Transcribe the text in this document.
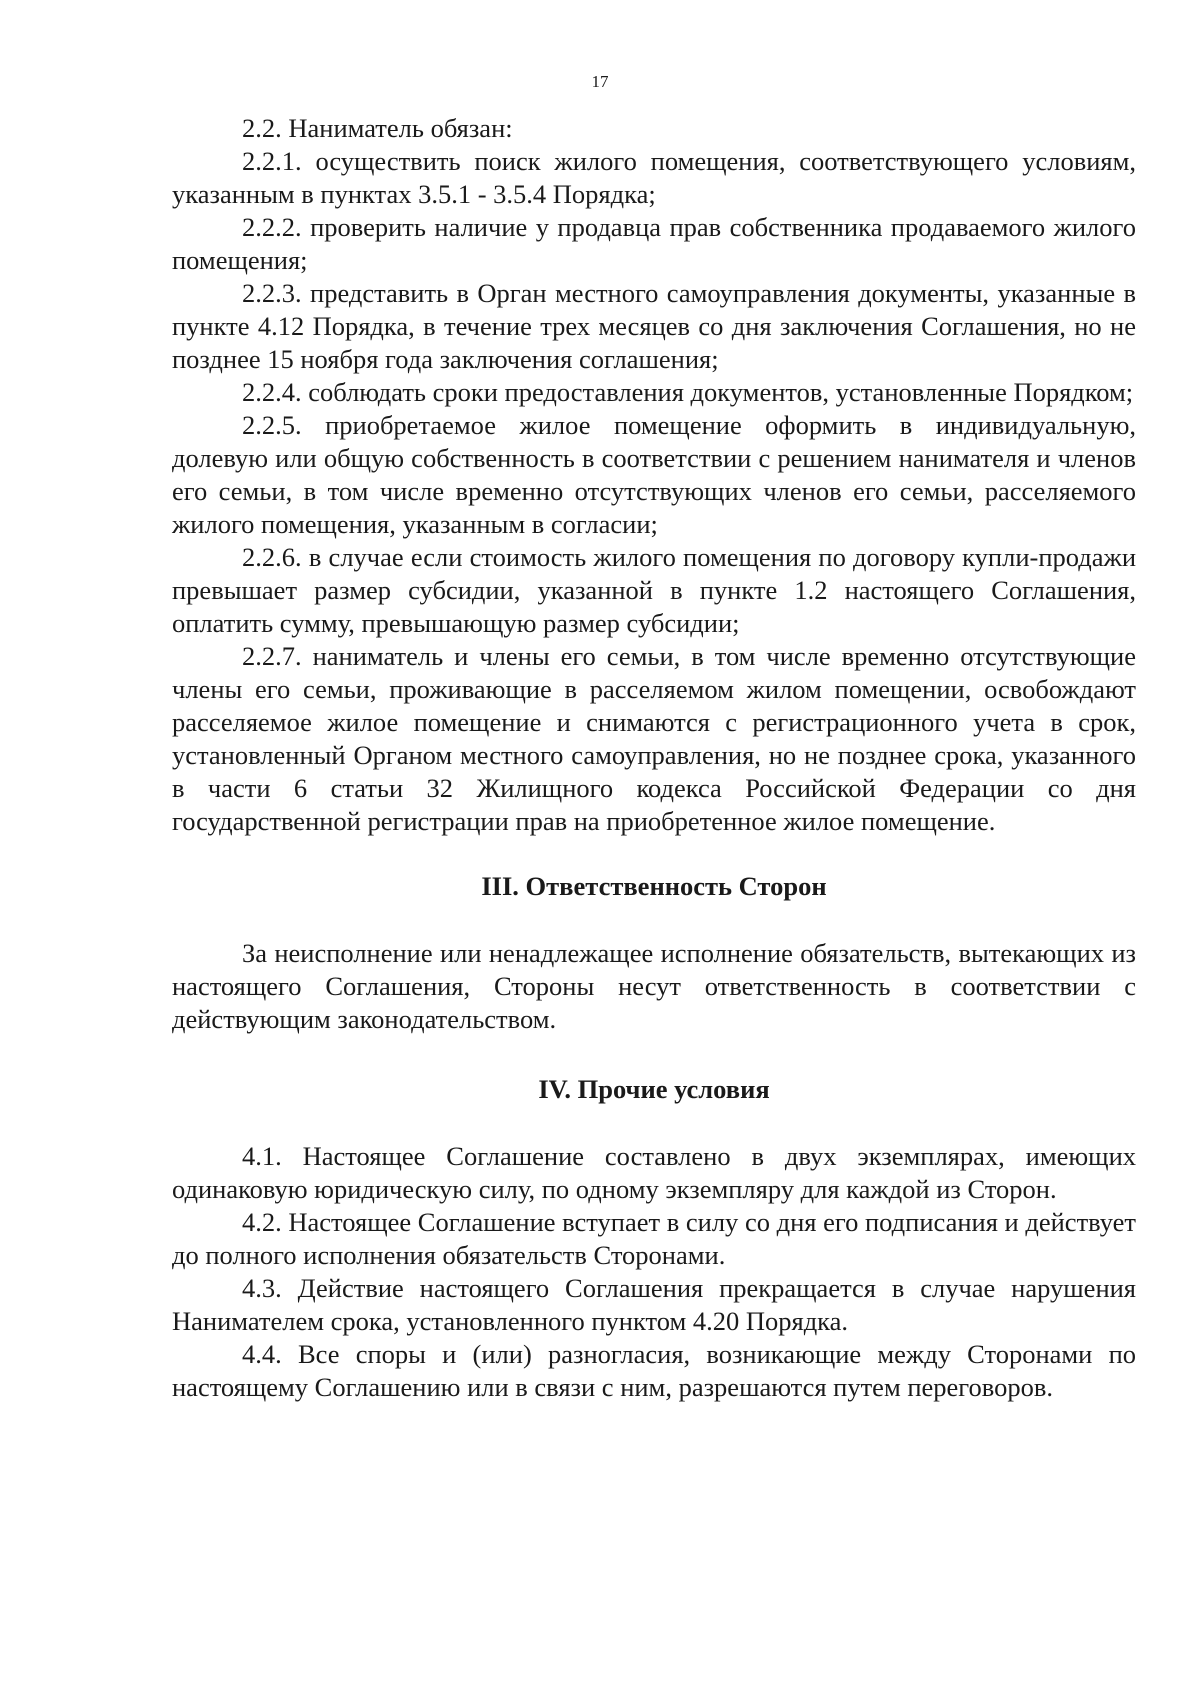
17

2.2. Наниматель обязан:

2.2.1. осуществить поиск жилого помещения, соответствующего условиям, указанным в пунктах 3.5.1 - 3.5.4 Порядка;

2.2.2. проверить наличие у продавца прав собственника продаваемого жилого помещения;

2.2.3. представить в Орган местного самоуправления документы, указанные в пункте 4.12 Порядка, в течение трех месяцев со дня заключения Соглашения, но не позднее 15 ноября года заключения соглашения;

2.2.4. соблюдать сроки предоставления документов, установленные Порядком;

2.2.5. приобретаемое жилое помещение оформить в индивидуальную, долевую или общую собственность в соответствии с решением нанимателя и членов его семьи, в том числе временно отсутствующих членов его семьи, расселяемого жилого помещения, указанным в согласии;

2.2.6. в случае если стоимость жилого помещения по договору купли-продажи превышает размер субсидии, указанной в пункте 1.2 настоящего Соглашения, оплатить сумму, превышающую размер субсидии;

2.2.7. наниматель и члены его семьи, в том числе временно отсутствующие члены его семьи, проживающие в расселяемом жилом помещении, освобождают расселяемое жилое помещение и снимаются с регистрационного учета в срок, установленный Органом местного самоуправления, но не позднее срока, указанного в части 6 статьи 32 Жилищного кодекса Российской Федерации со дня государственной регистрации прав на приобретенное жилое помещение.

III. Ответственность Сторон

За неисполнение или ненадлежащее исполнение обязательств, вытекающих из настоящего Соглашения, Стороны несут ответственность в соответствии с действующим законодательством.

IV. Прочие условия

4.1. Настоящее Соглашение составлено в двух экземплярах, имеющих одинаковую юридическую силу, по одному экземпляру для каждой из Сторон.

4.2. Настоящее Соглашение вступает в силу со дня его подписания и действует до полного исполнения обязательств Сторонами.

4.3. Действие настоящего Соглашения прекращается в случае нарушения Нанимателем срока, установленного пунктом 4.20 Порядка.

4.4. Все споры и (или) разногласия, возникающие между Сторонами по настоящему Соглашению или в связи с ним, разрешаются путем переговоров.
